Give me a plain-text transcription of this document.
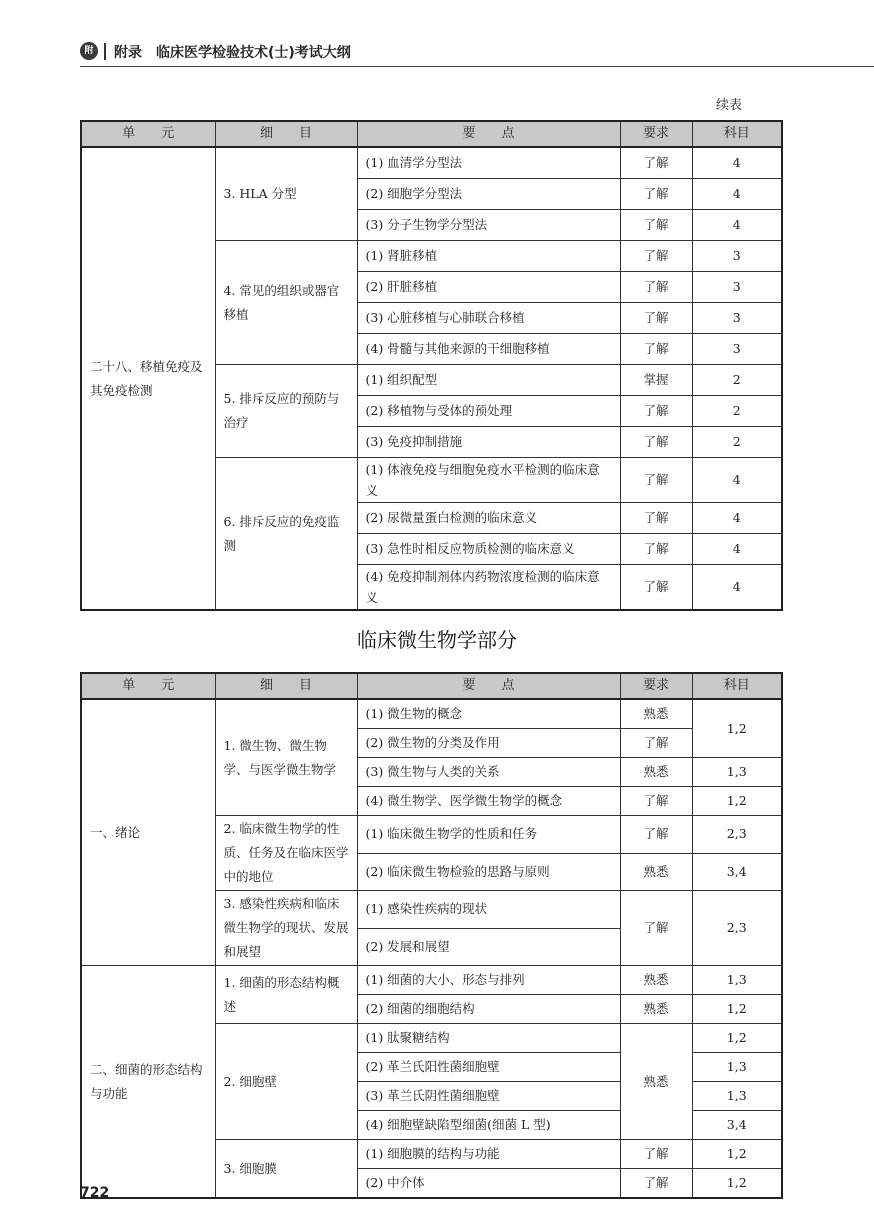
附	附录　临床医学检验技术(士)考试大纲
续表
单　　元	细　　目	要　　点	要求	科目
二十八、移植免疫及其免疫检测	3. HLA 分型	(1) 血清学分型法	了解	4
		(2) 细胞学分型法	了解	4
		(3) 分子生物学分型法	了解	4
	4. 常见的组织或器官移植	(1) 肾脏移植	了解	3
		(2) 肝脏移植	了解	3
		(3) 心脏移植与心肺联合移植	了解	3
		(4) 骨髓与其他来源的干细胞移植	了解	3
	5. 排斥反应的预防与治疗	(1) 组织配型	掌握	2
		(2) 移植物与受体的预处理	了解	2
		(3) 免疫抑制措施	了解	2
	6. 排斥反应的免疫监测	(1) 体液免疫与细胞免疫水平检测的临床意义	了解	4
		(2) 尿微量蛋白检测的临床意义	了解	4
		(3) 急性时相反应物质检测的临床意义	了解	4
		(4) 免疫抑制剂体内药物浓度检测的临床意义	了解	4
临床微生物学部分
单　　元	细　　目	要　　点	要求	科目
一、绪论	1. 微生物、微生物学、与医学微生物学	(1) 微生物的概念	熟悉	1,2
		(2) 微生物的分类及作用	了解	
		(3) 微生物与人类的关系	熟悉	1,3
		(4) 微生物学、医学微生物学的概念	了解	1,2
	2. 临床微生物学的性质、任务及在临床医学中的地位	(1) 临床微生物学的性质和任务	了解	2,3
		(2) 临床微生物检验的思路与原则	熟悉	3,4
	3. 感染性疾病和临床微生物学的现状、发展和展望	(1) 感染性疾病的现状	了解	2,3
		(2) 发展和展望		
二、细菌的形态结构与功能	1. 细菌的形态结构概述	(1) 细菌的大小、形态与排列	熟悉	1,3
		(2) 细菌的细胞结构	熟悉	1,2
	2. 细胞壁	(1) 肽聚糖结构	熟悉	1,2
		(2) 革兰氏阳性菌细胞壁		1,3
		(3) 革兰氏阴性菌细胞壁		1,3
		(4) 细胞壁缺陷型细菌(细菌 L 型)		3,4
	3. 细胞膜	(1) 细胞膜的结构与功能	了解	1,2
		(2) 中介体	了解	1,2
722
